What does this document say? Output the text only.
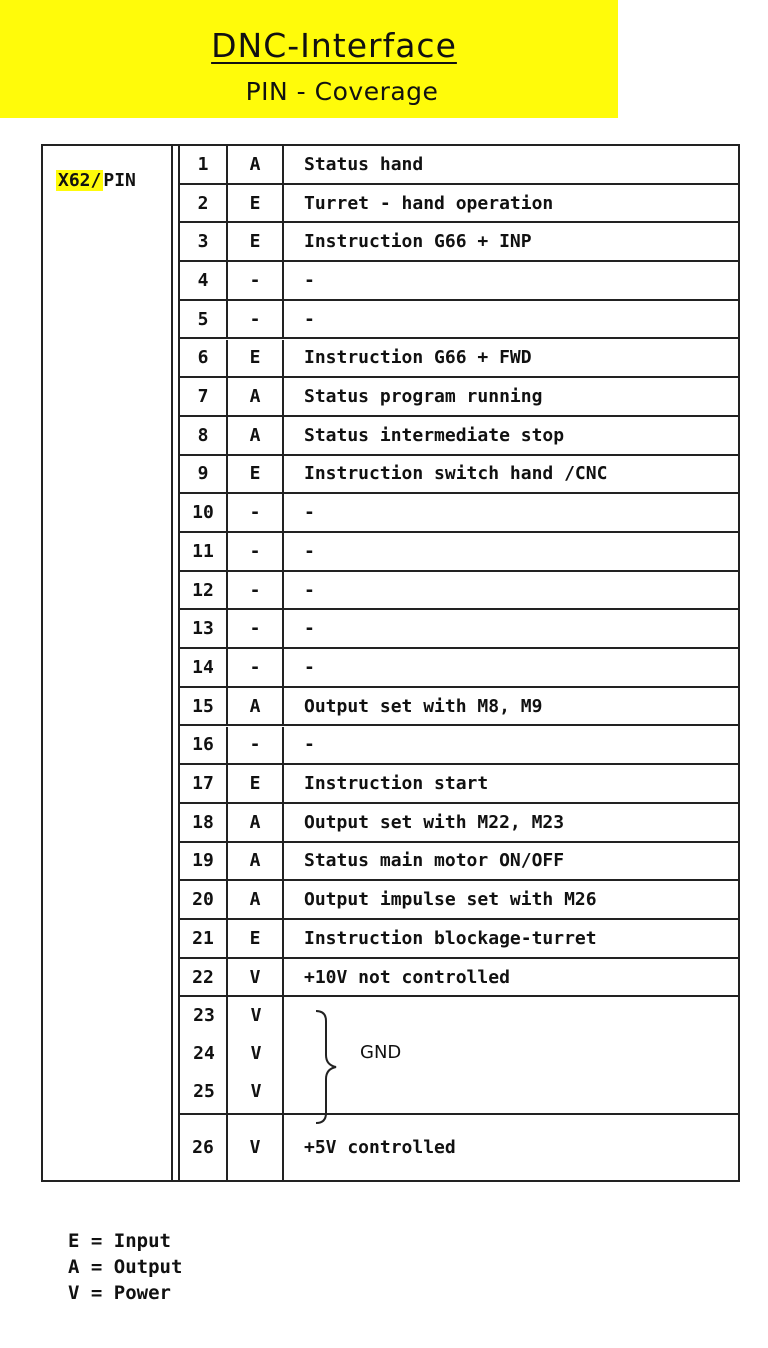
DNC-Interface
PIN - Coverage
X62/ PIN
1	A	Status hand
2	E	Turret - hand operation
3	E	Instruction G66 + INP
4	-	-
5	-	-
6	E	Instruction G66 + FWD
7	A	Status program running
8	A	Status intermediate stop
9	E	Instruction switch hand /CNC
10	-	-
11	-	-
12	-	-
13	-	-
14	-	-
15	A	Output set with M8, M9
16	-	-
17	E	Instruction start
18	A	Output set with M22, M23
19	A	Status main motor ON/OFF
20	A	Output impulse set with M26
21	E	Instruction blockage-turret
22	V	+10V not controlled
23	V
24	V
25	V
GND
26	V	+5V controlled
E = Input
A = Output
V = Power
